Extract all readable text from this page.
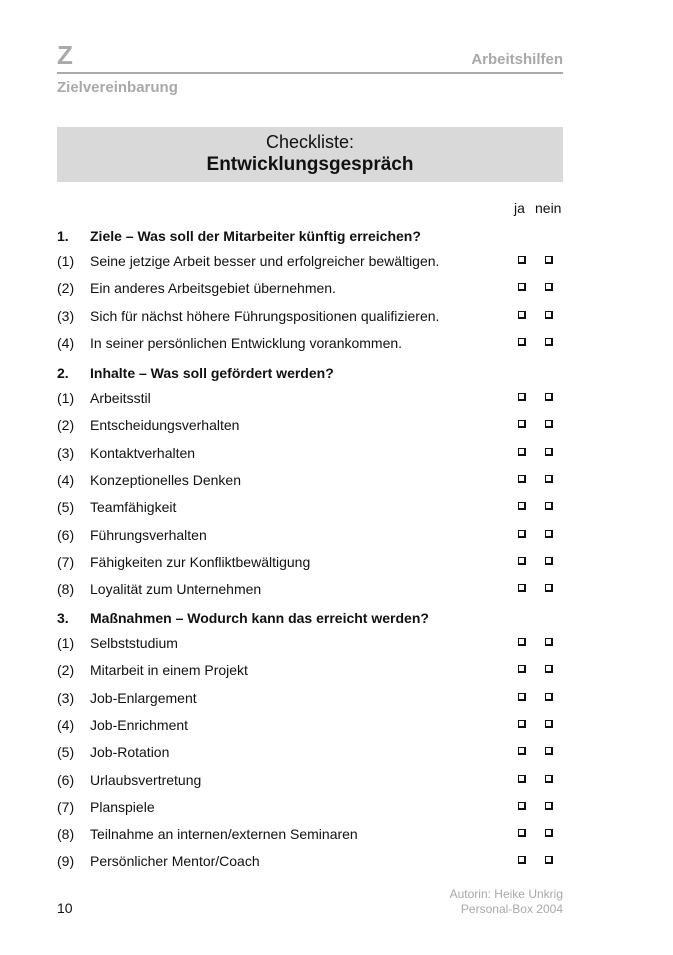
Z	Arbeitshilfen
Zielvereinbarung
Checkliste:
Entwicklungsgespräch
ja nein
1. Ziele – Was soll der Mitarbeiter künftig erreichen?
(1) Seine jetzige Arbeit besser und erfolgreicher bewältigen.
(2) Ein anderes Arbeitsgebiet übernehmen.
(3) Sich für nächst höhere Führungspositionen qualifizieren.
(4) In seiner persönlichen Entwicklung vorankommen.
2. Inhalte – Was soll gefördert werden?
(1) Arbeitsstil
(2) Entscheidungsverhalten
(3) Kontaktverhalten
(4) Konzeptionelles Denken
(5) Teamfähigkeit
(6) Führungsverhalten
(7) Fähigkeiten zur Konfliktbewältigung
(8) Loyalität zum Unternehmen
3. Maßnahmen – Wodurch kann das erreicht werden?
(1) Selbststudium
(2) Mitarbeit in einem Projekt
(3) Job-Enlargement
(4) Job-Enrichment
(5) Job-Rotation
(6) Urlaubsvertretung
(7) Planspiele
(8) Teilnahme an internen/externen Seminaren
(9) Persönlicher Mentor/Coach
10
Autorin: Heike Unkrig
Personal-Box 2004
